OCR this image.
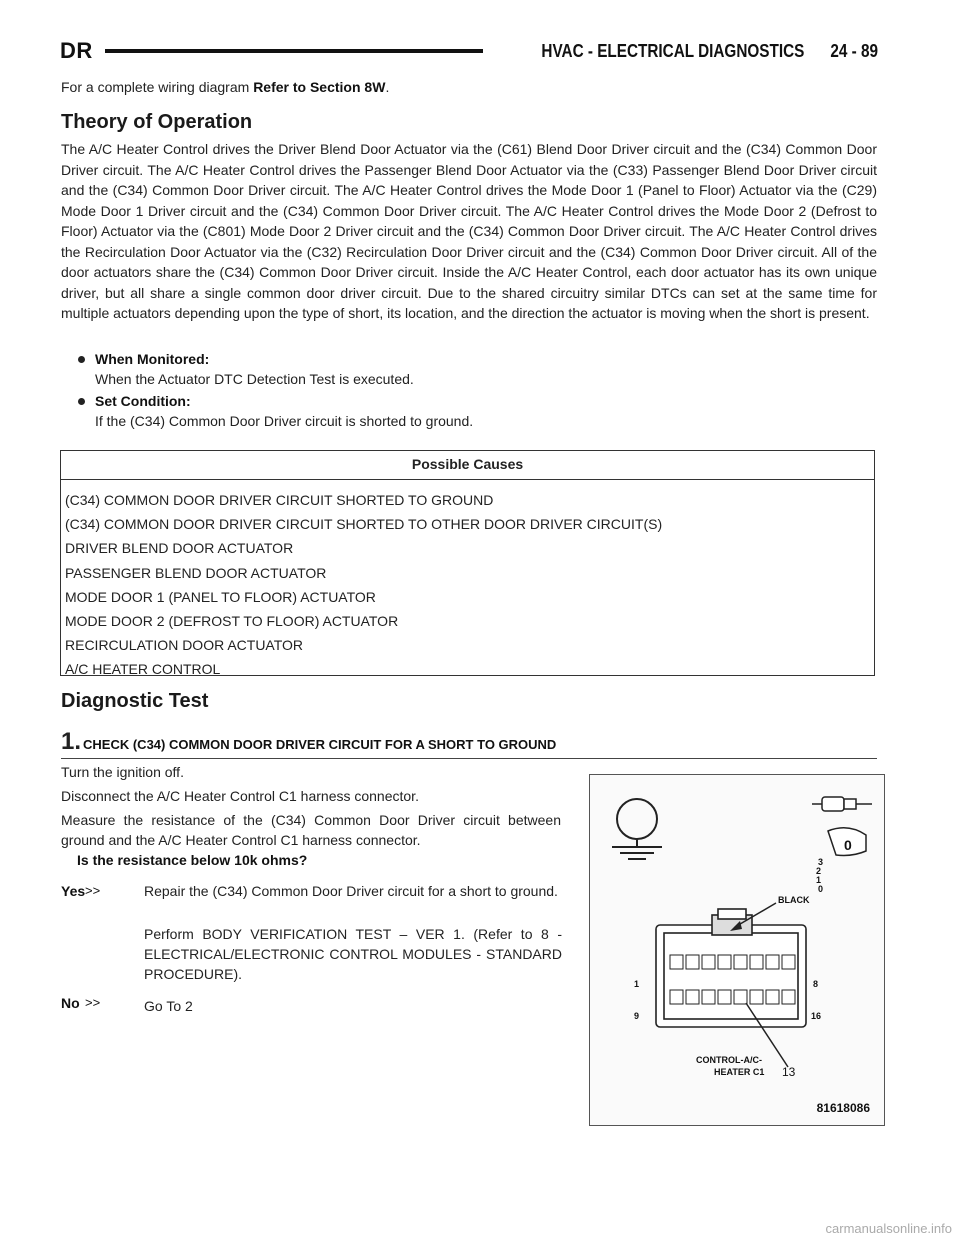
DR	HVAC - ELECTRICAL DIAGNOSTICS 24 - 89
For a complete wiring diagram Refer to Section 8W.
Theory of Operation
The A/C Heater Control drives the Driver Blend Door Actuator via the (C61) Blend Door Driver circuit and the (C34) Common Door Driver circuit. The A/C Heater Control drives the Passenger Blend Door Actuator via the (C33) Passenger Blend Door Driver circuit and the (C34) Common Door Driver circuit. The A/C Heater Control drives the Mode Door 1 (Panel to Floor) Actuator via the (C29) Mode Door 1 Driver circuit and the (C34) Common Door Driver circuit. The A/C Heater Control drives the Mode Door 2 (Defrost to Floor) Actuator via the (C801) Mode Door 2 Driver circuit and the (C34) Common Door Driver circuit. The A/C Heater Control drives the Recirculation Door Actuator via the (C32) Recirculation Door Driver circuit and the (C34) Common Door Driver circuit. All of the door actuators share the (C34) Common Door Driver circuit. Inside the A/C Heater Control, each door actuator has its own unique driver, but all share a single common door driver circuit. Due to the shared circuitry similar DTCs can set at the same time for multiple actuators depending upon the type of short, its location, and the direction the actuator is moving when the short is present.
When Monitored:
When the Actuator DTC Detection Test is executed.
Set Condition:
If the (C34) Common Door Driver circuit is shorted to ground.
Possible Causes
(C34) COMMON DOOR DRIVER CIRCUIT SHORTED TO GROUND
(C34) COMMON DOOR DRIVER CIRCUIT SHORTED TO OTHER DOOR DRIVER CIRCUIT(S)
DRIVER BLEND DOOR ACTUATOR
PASSENGER BLEND DOOR ACTUATOR
MODE DOOR 1 (PANEL TO FLOOR) ACTUATOR
MODE DOOR 2 (DEFROST TO FLOOR) ACTUATOR
RECIRCULATION DOOR ACTUATOR
A/C HEATER CONTROL
Diagnostic Test
1. CHECK (C34) COMMON DOOR DRIVER CIRCUIT FOR A SHORT TO GROUND
Turn the ignition off.
Disconnect the A/C Heater Control C1 harness connector.
Measure the resistance of the (C34) Common Door Driver circuit between ground and the A/C Heater Control C1 harness connector.
Is the resistance below 10k ohms?
Yes >>	Repair the (C34) Common Door Driver circuit for a short to ground.
Perform BODY VERIFICATION TEST – VER 1. (Refer to 8 - ELECTRICAL/ELECTRONIC CONTROL MODULES - STANDARD PROCEDURE).
No >>	Go To 2
3
2
1
0
0
BLACK
1	8
9	16
CONTROL-A/C-
HEATER C1 13
81618086
carmanualsonline.info
